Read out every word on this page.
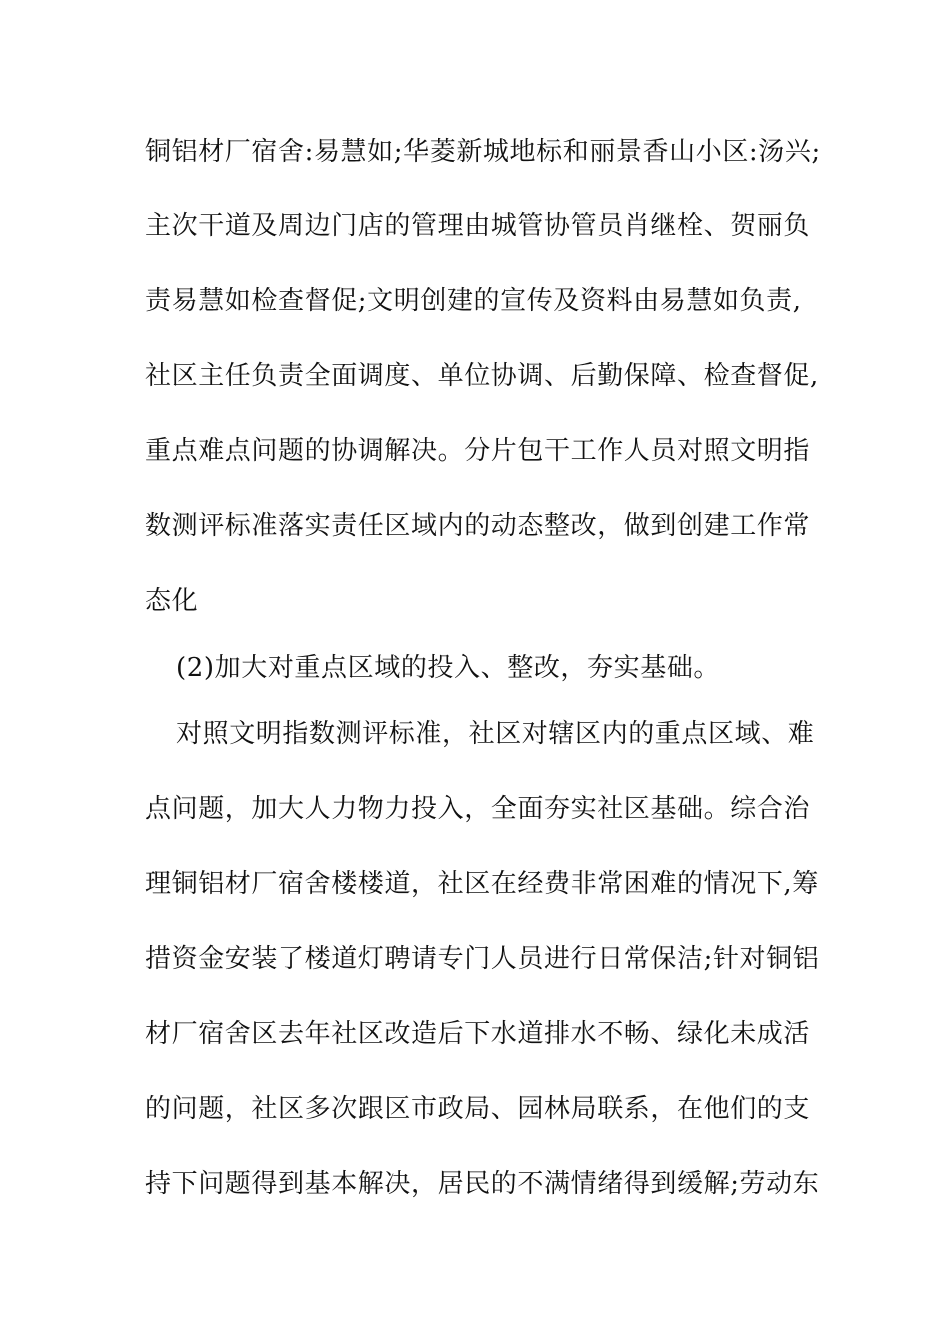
铜铝材厂宿舍:易慧如;华菱新城地标和丽景香山小区:汤兴;
主次干道及周边门店的管理由城管协管员肖继栓、贺丽负
责易慧如检查督促;文明创建的宣传及资料由易慧如负责,
社区主任负责全面调度、单位协调、后勤保障、检查督促,
重点难点问题的协调解决。分片包干工作人员对照文明指
数测评标准落实责任区域内的动态整改，做到创建工作常
态化
(2)加大对重点区域的投入、整改，夯实基础。
对照文明指数测评标准，社区对辖区内的重点区域、难
点问题，加大人力物力投入，全面夯实社区基础。综合治
理铜铝材厂宿舍楼楼道，社区在经费非常困难的情况下,筹
措资金安装了楼道灯聘请专门人员进行日常保洁;针对铜铝
材厂宿舍区去年社区改造后下水道排水不畅、绿化未成活
的问题，社区多次跟区市政局、园林局联系，在他们的支
持下问题得到基本解决，居民的不满情绪得到缓解;劳动东
